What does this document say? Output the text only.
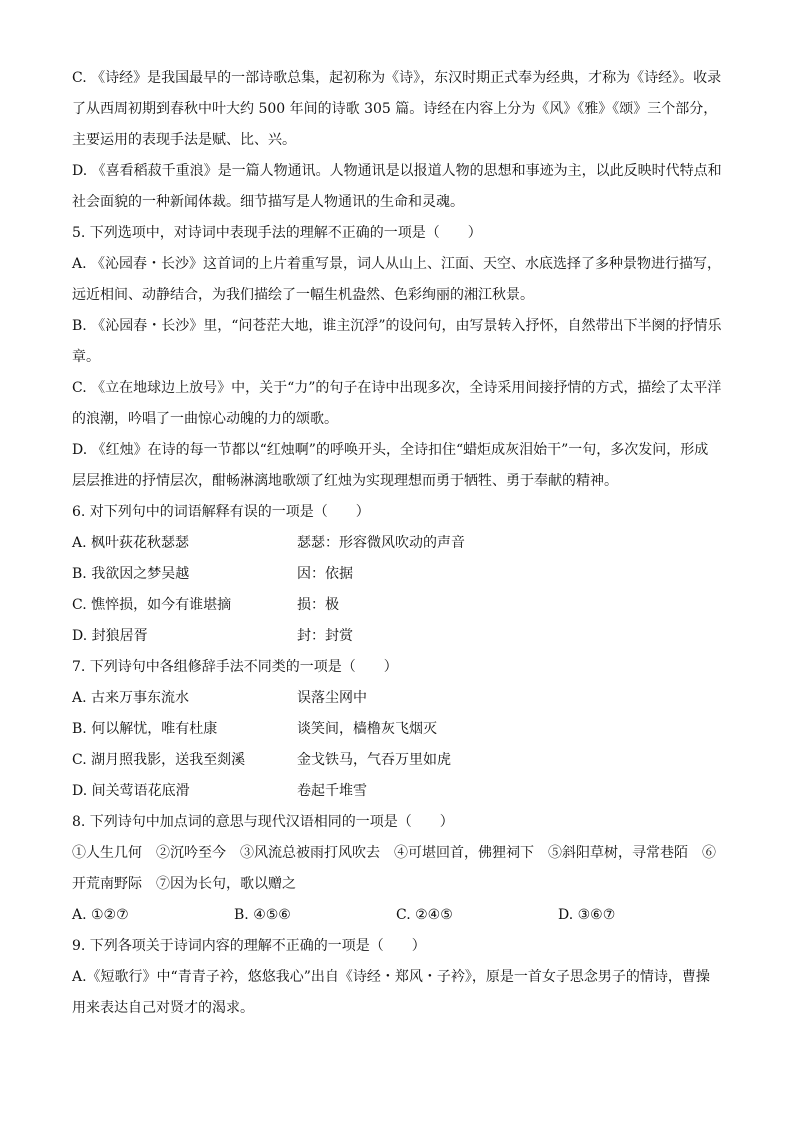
C. 《诗经》是我国最早的一部诗歌总集，起初称为《诗》，东汉时期正式奉为经典，才称为《诗经》。收录了从西周初期到春秋中叶大约 500 年间的诗歌 305 篇。诗经在内容上分为《风》《雅》《颂》三个部分，主要运用的表现手法是赋、比、兴。

D. 《喜看稻菽千重浪》是一篇人物通讯。人物通讯是以报道人物的思想和事迹为主，以此反映时代特点和社会面貌的一种新闻体裁。细节描写是人物通讯的生命和灵魂。

5. 下列选项中，对诗词中表现手法的理解不正确的一项是（　　）

A. 《沁园春・长沙》这首词的上片着重写景，词人从山上、江面、天空、水底选择了多种景物进行描写，远近相间、动静结合，为我们描绘了一幅生机盎然、色彩绚丽的湘江秋景。

B. 《沁园春・长沙》里，“问苍茫大地，谁主沉浮”的设问句，由写景转入抒怀，自然带出下半阕的抒情乐章。

C. 《立在地球边上放号》中，关于“力”的句子在诗中出现多次，全诗采用间接抒情的方式，描绘了太平洋的浪潮，吟唱了一曲惊心动魄的力的颂歌。

D. 《红烛》在诗的每一节都以“红烛啊”的呼唤开头，全诗扣住“蜡炬成灰泪始干”一句，多次发问，形成层层推进的抒情层次，酣畅淋漓地歌颂了红烛为实现理想而勇于牺牲、勇于奉献的精神。

6. 对下列句中的词语解释有误的一项是（　　）

A. 枫叶荻花秋瑟瑟	瑟瑟：形容微风吹动的声音
B. 我欲因之梦吴越	因：依据
C. 憔悴损，如今有谁堪摘	损：极
D. 封狼居胥	封：封赏

7. 下列诗句中各组修辞手法不同类的一项是（　　）

A. 古来万事东流水	误落尘网中
B. 何以解忧，唯有杜康	谈笑间，樯橹灰飞烟灭
C. 湖月照我影，送我至剡溪	金戈铁马，气吞万里如虎
D. 间关莺语花底滑	卷起千堆雪

8. 下列诗句中加点词的意思与现代汉语相同的一项是（　　）

①人生几何　②沉吟至今　③风流总被雨打风吹去　④可堪回首，佛狸祠下　⑤斜阳草树，寻常巷陌　⑥开荒南野际　⑦因为长句，歌以赠之

A. ①②⑦	B. ④⑤⑥	C. ②④⑤	D. ③⑥⑦

9. 下列各项关于诗词内容的理解不正确的一项是（　　）

A.《短歌行》中“青青子衿，悠悠我心”出自《诗经・郑风・子衿》，原是一首女子思念男子的情诗，曹操用来表达自己对贤才的渴求。
